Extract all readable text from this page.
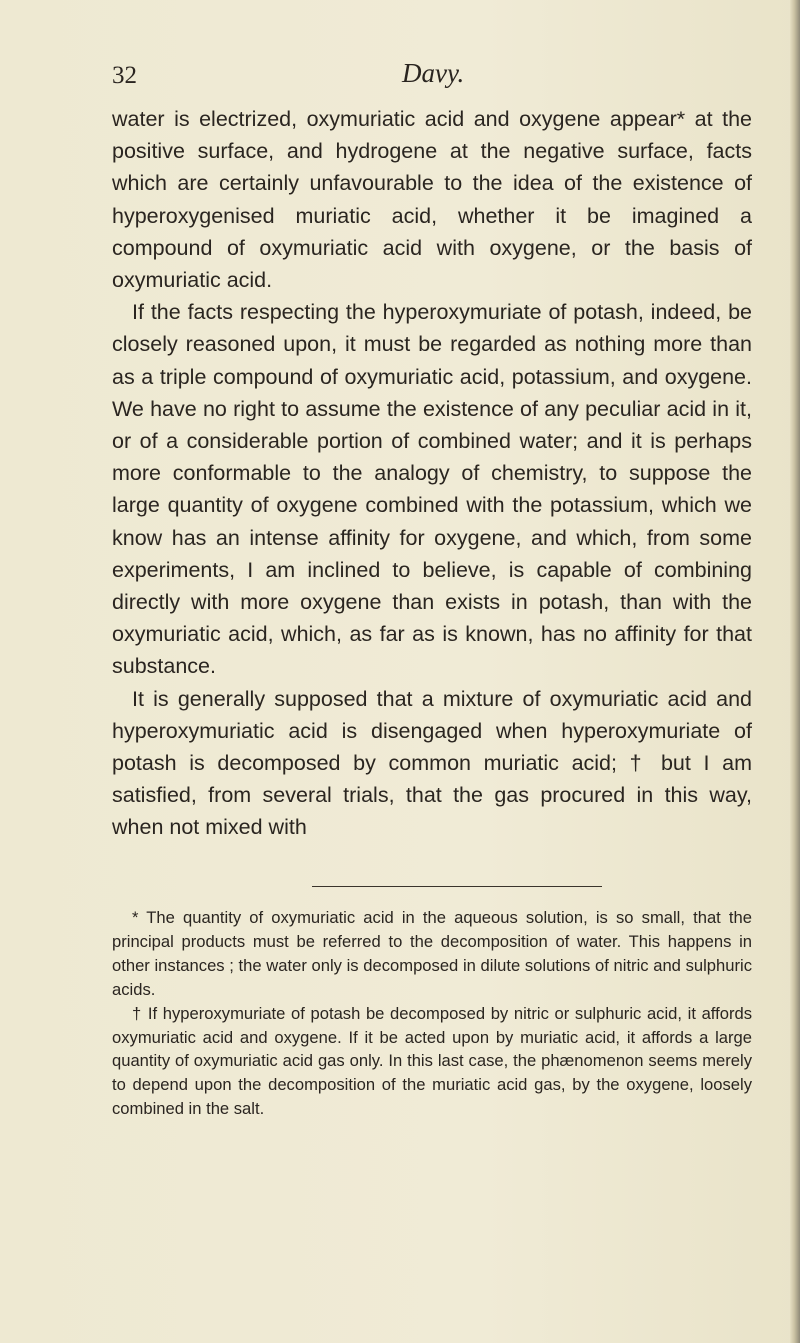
32	Davy.

water is electrized, oxymuriatic acid and oxygene appear* at the positive surface, and hydrogene at the negative surface, facts which are certainly unfavourable to the idea of the existence of hyperoxygenised muriatic acid, whether it be imagined a compound of oxymuriatic acid with oxygene, or the basis of oxymuriatic acid.

If the facts respecting the hyperoxymuriate of potash, indeed, be closely reasoned upon, it must be regarded as nothing more than as a triple compound of oxymuriatic acid, potassium, and oxygene. We have no right to assume the existence of any peculiar acid in it, or of a considerable portion of combined water; and it is perhaps more conformable to the analogy of chemistry, to suppose the large quantity of oxygene combined with the potassium, which we know has an intense affinity for oxygene, and which, from some experiments, I am inclined to believe, is capable of combining directly with more oxygene than exists in potash, than with the oxymuriatic acid, which, as far as is known, has no affinity for that substance.

It is generally supposed that a mixture of oxymuriatic acid and hyperoxymuriatic acid is disengaged when hyperoxymuriate of potash is decomposed by common muriatic acid; † but I am satisfied, from several trials, that the gas procured in this way, when not mixed with

* The quantity of oxymuriatic acid in the aqueous solution, is so small, that the principal products must be referred to the decomposition of water. This happens in other instances ; the water only is decomposed in dilute solutions of nitric and sulphuric acids.

† If hyperoxymuriate of potash be decomposed by nitric or sulphuric acid, it affords oxymuriatic acid and oxygene. If it be acted upon by muriatic acid, it affords a large quantity of oxymuriatic acid gas only. In this last case, the phænomenon seems merely to depend upon the decomposition of the muriatic acid gas, by the oxygene, loosely combined in the salt.
